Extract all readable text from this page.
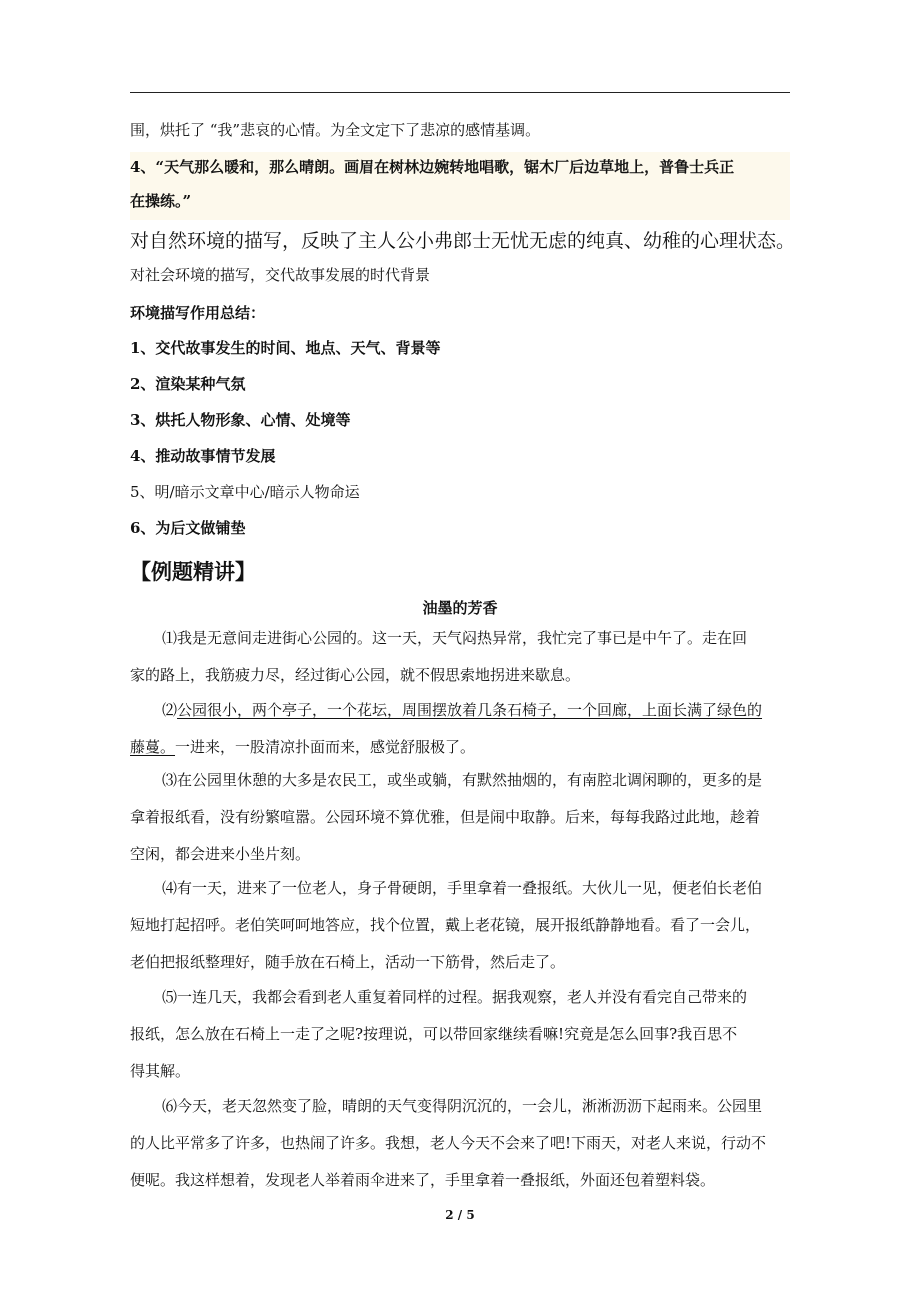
围，烘托了 “我”悲哀的心情。为全文定下了悲凉的感情基调。
4、“天气那么暖和，那么晴朗。画眉在树林边婉转地唱歌，锯木厂后边草地上，普鲁士兵正
在操练。”
对自然环境的描写，反映了主人公小弗郎士无忧无虑的纯真、幼稚的心理状态。
对社会环境的描写，交代故事发展的时代背景
环境描写作用总结：
1、交代故事发生的时间、地点、天气、背景等
2、渲染某种气氛
3、烘托人物形象、心情、处境等
4、推动故事情节发展
5、明/暗示文章中心/暗示人物命运
6、为后文做铺垫
【例题精讲】
油墨的芳香

⑴我是无意间走进街心公园的。这一天，天气闷热异常，我忙完了事已是中午了。走在回

家的路上，我筋疲力尽，经过街心公园，就不假思索地拐进来歇息。

⑵公园很小，两个亭子，一个花坛，周围摆放着几条石椅子，一个回廊，上面长满了绿色的

藤蔓。一进来，一股清凉扑面而来，感觉舒服极了。

⑶在公园里休憩的大多是农民工，或坐或躺，有默然抽烟的，有南腔北调闲聊的，更多的是

拿着报纸看，没有纷繁喧嚣。公园环境不算优雅，但是闹中取静。后来，每每我路过此地，趁着

空闲，都会进来小坐片刻。

⑷有一天，进来了一位老人，身子骨硬朗，手里拿着一叠报纸。大伙儿一见，便老伯长老伯

短地打起招呼。老伯笑呵呵地答应，找个位置，戴上老花镜，展开报纸静静地看。看了一会儿，

老伯把报纸整理好，随手放在石椅上，活动一下筋骨，然后走了。

⑸一连几天，我都会看到老人重复着同样的过程。据我观察，老人并没有看完自己带来的

报纸，怎么放在石椅上一走了之呢?按理说，可以带回家继续看嘛!究竟是怎么回事?我百思不

得其解。

⑹今天，老天忽然变了脸，晴朗的天气变得阴沉沉的，一会儿，淅淅沥沥下起雨来。公园里

的人比平常多了许多，也热闹了许多。我想，老人今天不会来了吧!下雨天，对老人来说，行动不

便呢。我这样想着，发现老人举着雨伞进来了，手里拿着一叠报纸，外面还包着塑料袋。

2 / 5
